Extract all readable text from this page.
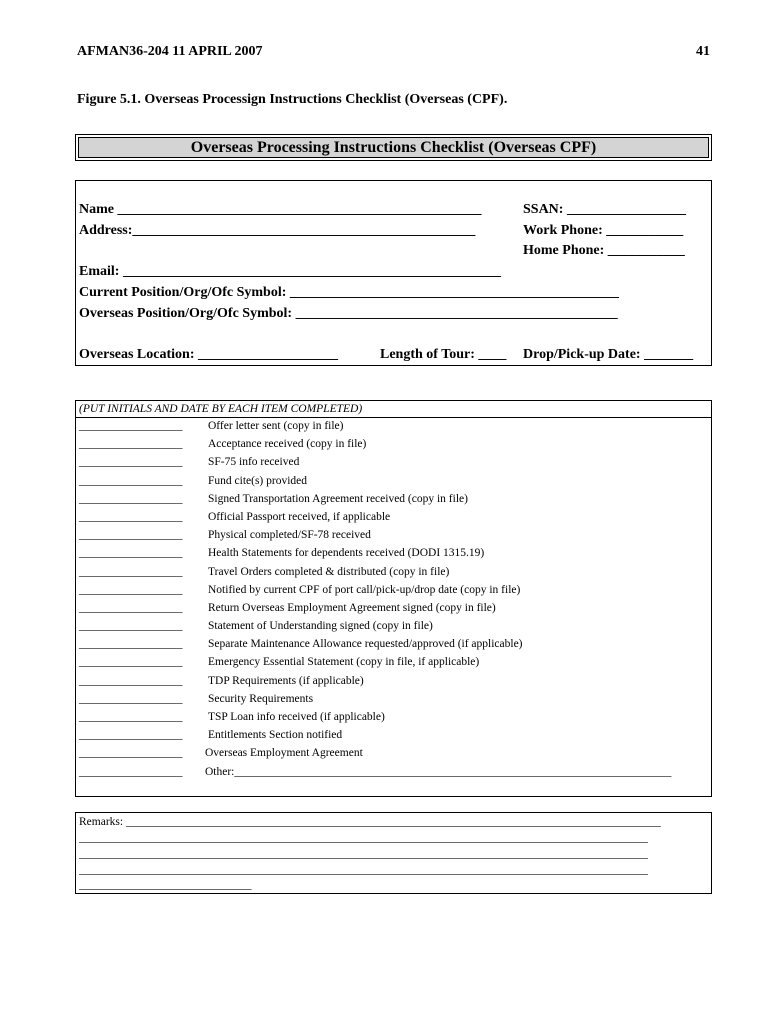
AFMAN36-204 11 APRIL 2007	41
Figure 5.1. Overseas Processign Instructions Checklist (Overseas (CPF).
Overseas Processing Instructions Checklist (Overseas CPF)
Name ____________________________________________________	SSAN: _________________
Address:_________________________________________________	Work Phone: ___________
Home Phone: ___________
Email: ______________________________________________________
Current Position/Org/Ofc Symbol: _______________________________________________
Overseas Position/Org/Ofc Symbol: ______________________________________________
Overseas Location: ____________________	Length of Tour: ____ Drop/Pick-up Date: _______
(PUT INITIALS AND DATE BY EACH ITEM COMPLETED)
__________________ Offer letter sent (copy in file)
__________________ Acceptance received (copy in file)
__________________ SF-75 info received
__________________ Fund cite(s) provided
__________________ Signed Transportation Agreement received (copy in file)
__________________ Official Passport received, if applicable
__________________ Physical completed/SF-78 received
__________________ Health Statements for dependents received (DODI 1315.19)
__________________ Travel Orders completed & distributed (copy in file)
__________________ Notified by current CPF of port call/pick-up/drop date (copy in file)
__________________ Return Overseas Employment Agreement signed (copy in file)
__________________ Statement of Understanding signed (copy in file)
__________________ Separate Maintenance Allowance requested/approved (if applicable)
__________________ Emergency Essential Statement (copy in file, if applicable)
__________________ TDP Requirements (if applicable)
__________________ Security Requirements
__________________ TSP Loan info received (if applicable)
__________________ Entitlements Section notified
__________________ Overseas Employment Agreement
__________________ Other:____________________________________________________________________________
Remarks: _____________________________________________________________________________________________
___________________________________________________________________________________________________
___________________________________________________________________________________________________
___________________________________________________________________________________________________
______________________________
